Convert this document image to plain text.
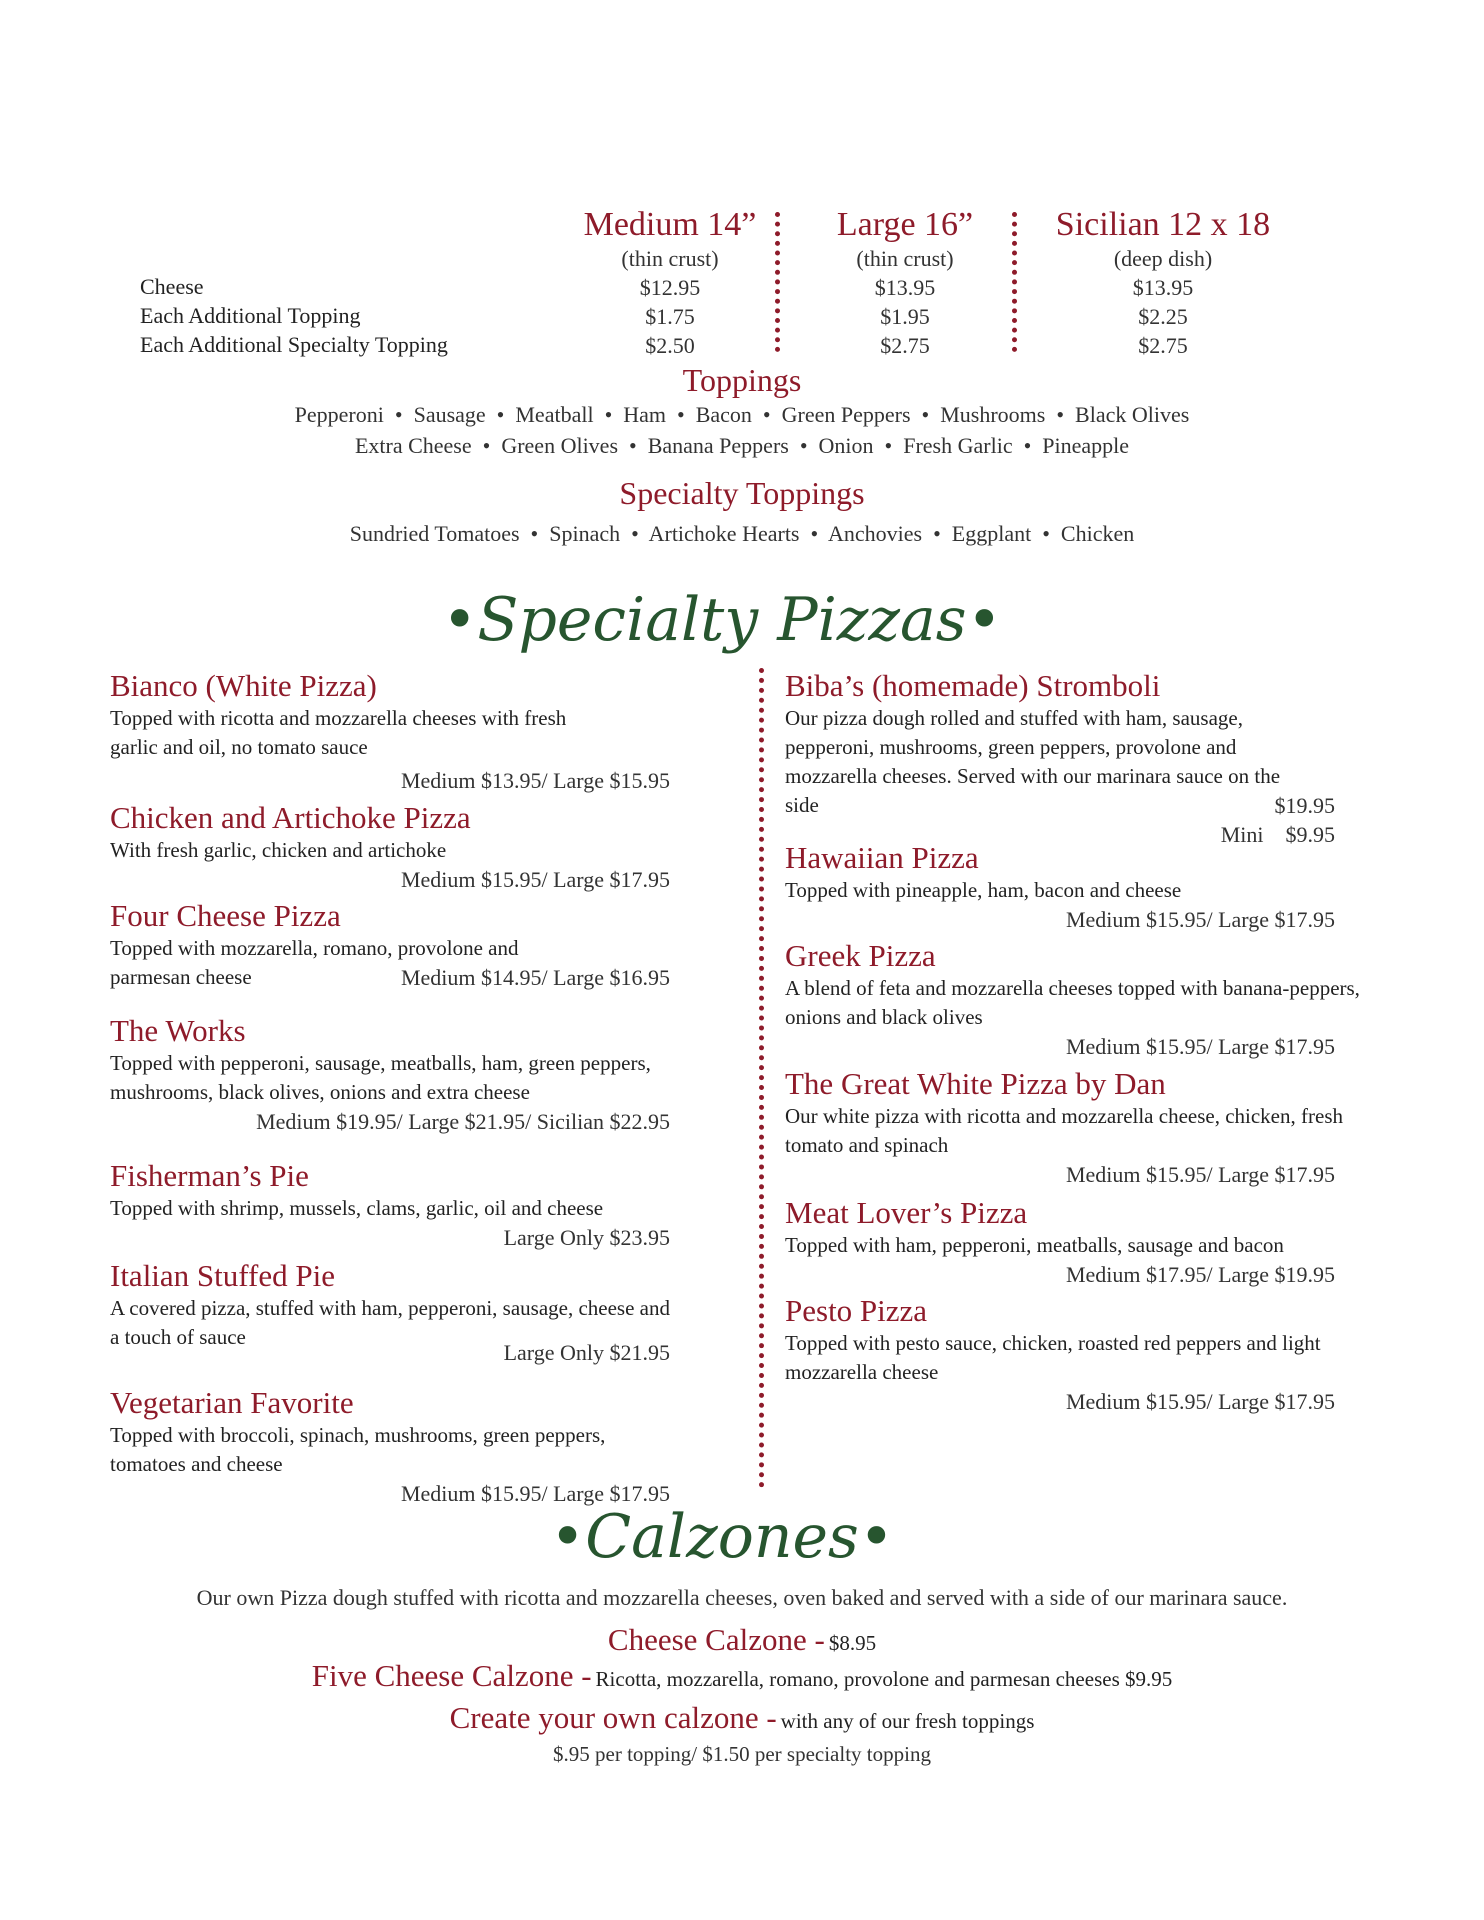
Medium 14”
(thin crust)
$12.95
$1.75
$2.50
Large 16”
(thin crust)
$13.95
$1.95
$2.75
Sicilian 12 x 18
(deep dish)
$13.95
$2.25
$2.75
Cheese
Each Additional Topping
Each Additional Specialty Topping
Toppings
Pepperoni  •  Sausage  •  Meatball  •  Ham  •  Bacon  •  Green Peppers  •  Mushrooms  •  Black Olives
Extra Cheese  •  Green Olives  •  Banana Peppers  •  Onion  •  Fresh Garlic  •  Pineapple
Specialty Toppings
Sundried Tomatoes  •  Spinach  •  Artichoke Hearts  •  Anchovies  •  Eggplant  •  Chicken
•Specialty Pizzas•
Bianco (White Pizza)
Topped with ricotta and mozzarella cheeses with fresh garlic and oil, no tomato sauce
Medium $13.95/ Large $15.95
Chicken and Artichoke Pizza
With fresh garlic, chicken and artichoke
Medium $15.95/ Large $17.95
Four Cheese Pizza
Topped with mozzarella, romano, provolone and
parmesan cheese	Medium $14.95/ Large $16.95
The Works
Topped with pepperoni, sausage, meatballs, ham, green peppers, mushrooms, black olives, onions and extra cheese
Medium $19.95/ Large $21.95/ Sicilian $22.95
Fisherman’s Pie
Topped with shrimp, mussels, clams, garlic, oil and cheese
Large Only $23.95
Italian Stuffed Pie
A covered pizza, stuffed with ham, pepperoni, sausage, cheese and a touch of sauce
Large Only $21.95
Vegetarian Favorite
Topped with broccoli, spinach, mushrooms, green peppers, tomatoes and cheese
Medium $15.95/ Large $17.95
Biba’s (homemade) Stromboli
Our pizza dough rolled and stuffed with ham, sausage, pepperoni, mushrooms, green peppers, provolone and mozzarella cheeses. Served with our marinara sauce on the side	$19.95
Mini $9.95
Hawaiian Pizza
Topped with pineapple, ham, bacon and cheese
Medium $15.95/ Large $17.95
Greek Pizza
A blend of feta and mozzarella cheeses topped with banana-peppers, onions and black olives
Medium $15.95/ Large $17.95
The Great White Pizza by Dan
Our white pizza with ricotta and mozzarella cheese, chicken, fresh tomato and spinach
Medium $15.95/ Large $17.95
Meat Lover’s Pizza
Topped with ham, pepperoni, meatballs, sausage and bacon
Medium $17.95/ Large $19.95
Pesto Pizza
Topped with pesto sauce, chicken, roasted red peppers and light mozzarella cheese
Medium $15.95/ Large $17.95
•Calzones•
Our own Pizza dough stuffed with ricotta and mozzarella cheeses, oven baked and served with a side of our marinara sauce.
Cheese Calzone - $8.95
Five Cheese Calzone - Ricotta, mozzarella, romano, provolone and parmesan cheeses $9.95
Create your own calzone - with any of our fresh toppings
$.95 per topping/ $1.50 per specialty topping
